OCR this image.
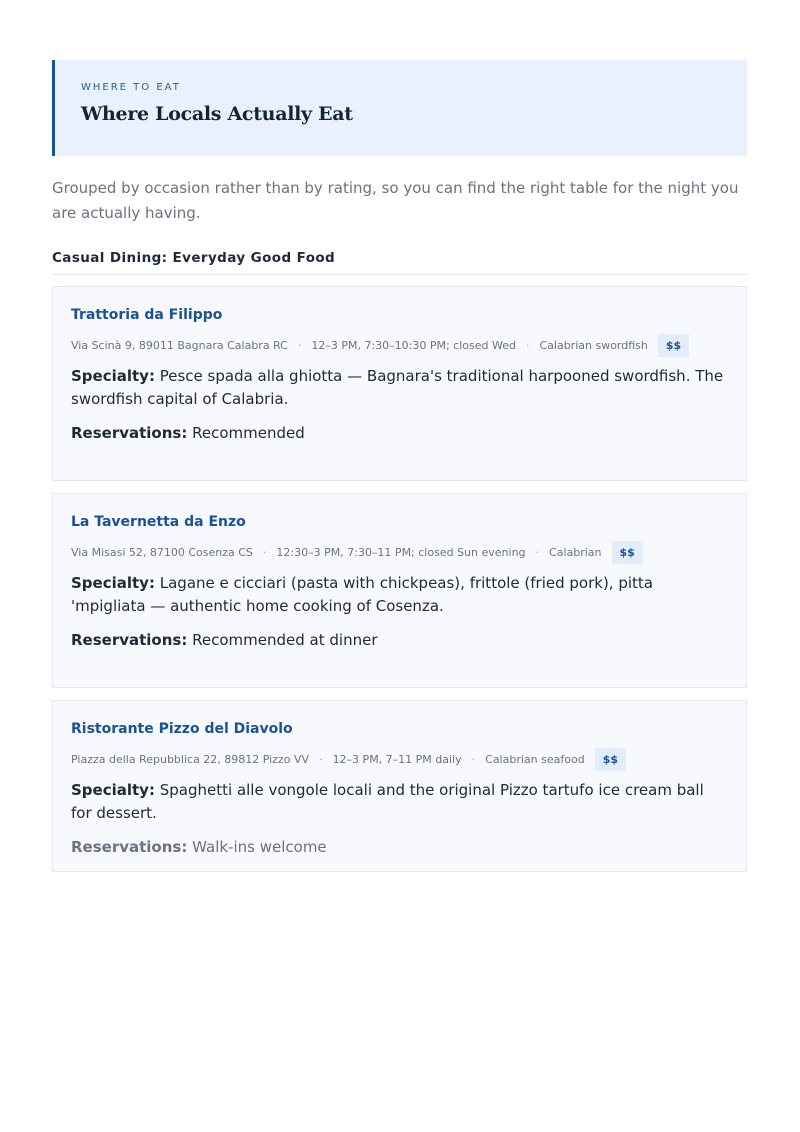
WHERE TO EAT
Where Locals Actually Eat
Grouped by occasion rather than by rating, so you can find the right table for the night you are actually having.
Casual Dining: Everyday Good Food
Trattoria da Filippo
Via Scinà 9, 89011 Bagnara Calabra RC · 12–3 PM, 7:30–10:30 PM; closed Wed · Calabrian swordfish	$$
Specialty: Pesce spada alla ghiotta — Bagnara's traditional harpooned swordfish. The swordfish capital of Calabria.
Reservations: Recommended
La Tavernetta da Enzo
Via Misasi 52, 87100 Cosenza CS · 12:30–3 PM, 7:30–11 PM; closed Sun evening · Calabrian	$$
Specialty: Lagane e cicciari (pasta with chickpeas), frittole (fried pork), pitta 'mpigliata — authentic home cooking of Cosenza.
Reservations: Recommended at dinner
Ristorante Pizzo del Diavolo
Piazza della Repubblica 22, 89812 Pizzo VV · 12–3 PM, 7–11 PM daily · Calabrian seafood	$$
Specialty: Spaghetti alle vongole locali and the original Pizzo tartufo ice cream ball for dessert.
Reservations: Walk-ins welcome
